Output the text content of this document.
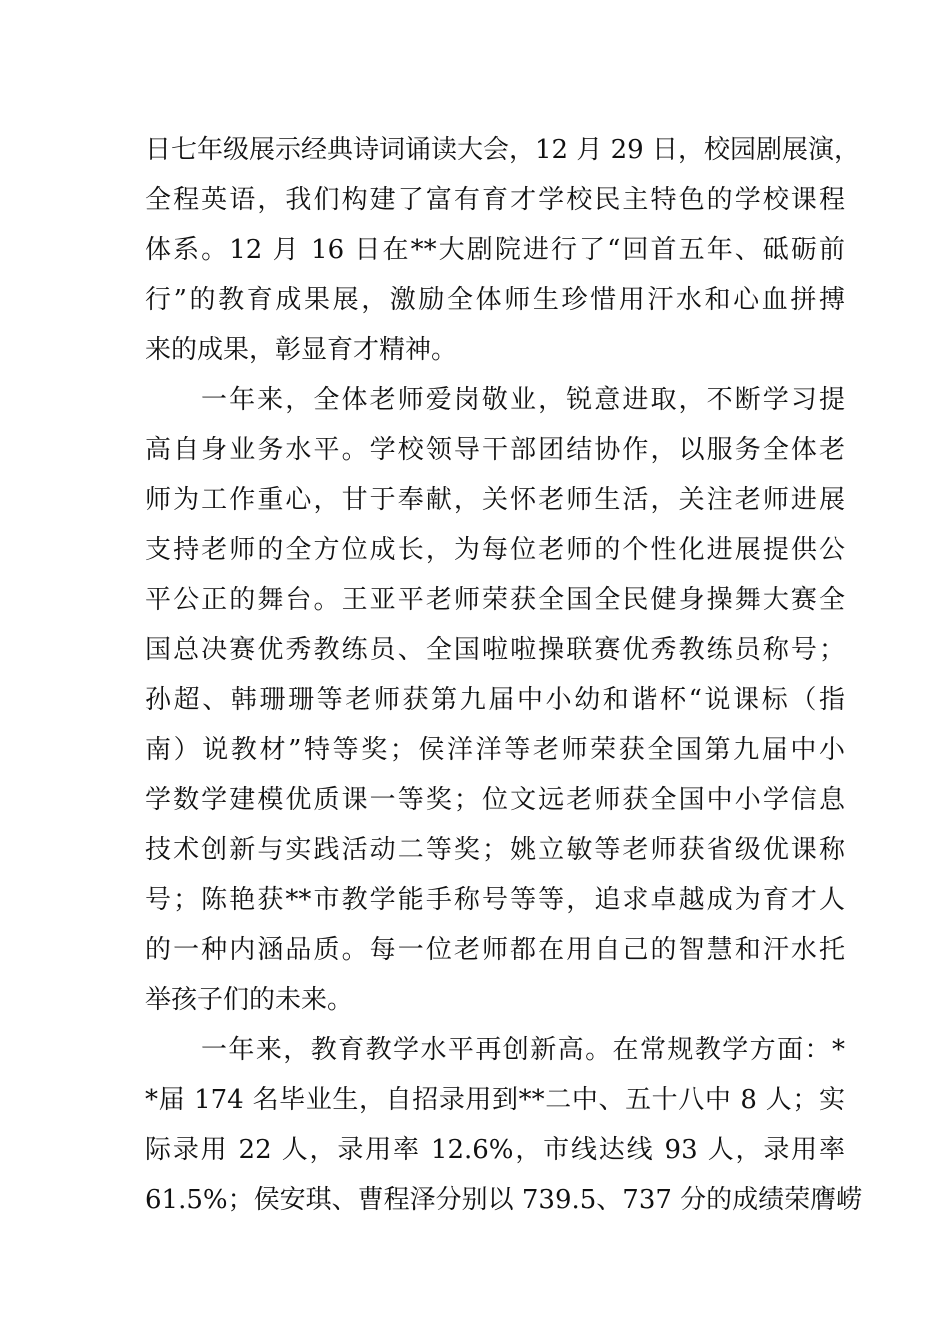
日七年级展示经典诗词诵读大会，12 月 29 日，校园剧展演，
全程英语，我们构建了富有育才学校民主特色的学校课程
体系。12 月 16 日在**大剧院进行了“回首五年、砥砺前
行”的教育成果展，激励全体师生珍惜用汗水和心血拼搏
来的成果，彰显育才精神。
一年来，全体老师爱岗敬业，锐意进取，不断学习提
高自身业务水平。学校领导干部团结协作，以服务全体老
师为工作重心，甘于奉献，关怀老师生活，关注老师进展
支持老师的全方位成长，为每位老师的个性化进展提供公
平公正的舞台。王亚平老师荣获全国全民健身操舞大赛全
国总决赛优秀教练员、全国啦啦操联赛优秀教练员称号；
孙超、韩珊珊等老师获第九届中小幼和谐杯“说课标（指
南）说教材”特等奖；侯洋洋等老师荣获全国第九届中小
学数学建模优质课一等奖；位文远老师获全国中小学信息
技术创新与实践活动二等奖；姚立敏等老师获省级优课称
号；陈艳获**市教学能手称号等等，追求卓越成为育才人
的一种内涵品质。每一位老师都在用自己的智慧和汗水托
举孩子们的未来。
一年来，教育教学水平再创新高。在常规教学方面：*
*届 174 名毕业生，自招录用到**二中、五十八中 8 人；实
际录用 22 人，录用率 12.6%，市线达线 93 人，录用率
61.5%；侯安琪、曹程泽分别以 739.5、737 分的成绩荣膺崂
